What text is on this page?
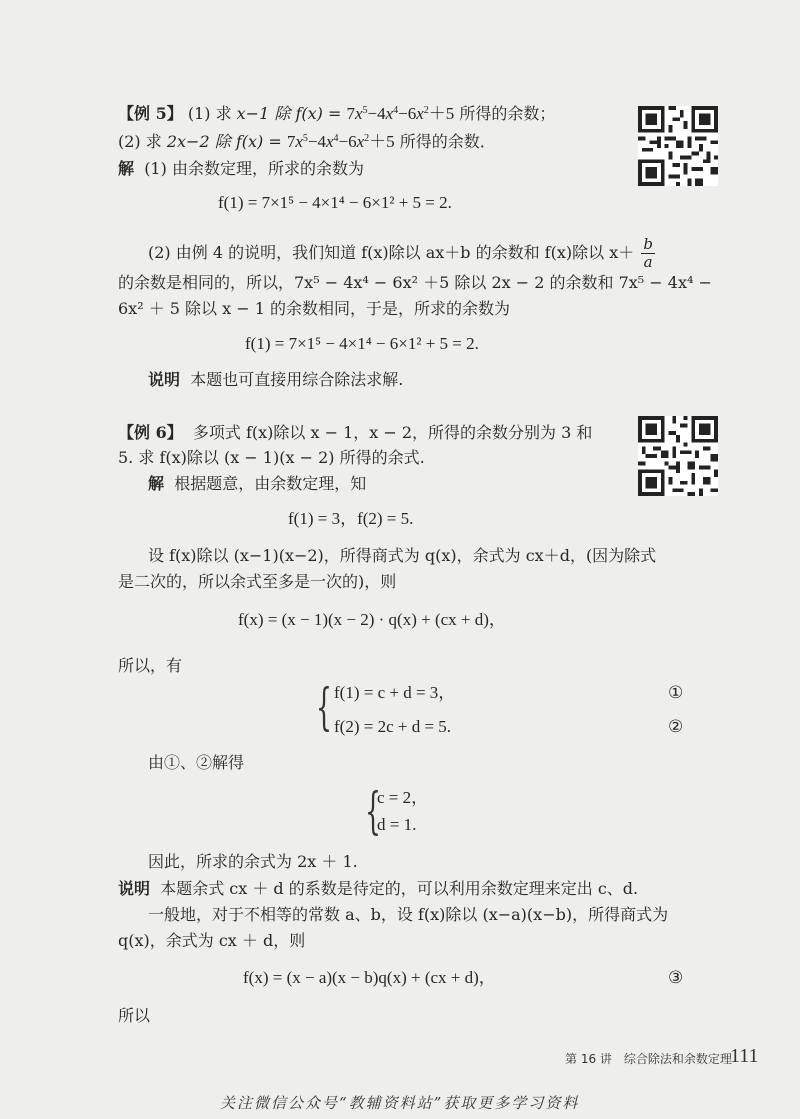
【例 5】 (1) 求 x−1 除 $f(x) = 7x^5-4x^4-6x^2+5$ 所得的余数；
(2) 求 2x−2 除 $f(x) = 7x^5-4x^4-6x^2+5$ 所得的余数．
解 (1) 由余数定理，所求的余数为
f(1) = 7×1⁵ − 4×1⁴ − 6×1² + 5 = 2.
(2) 由例 4 的说明，我们知道 f(x)除以 ax＋b 的余数和 f(x)除以 $x+ \frac{b}{a}$
的余数是相同的，所以，7x⁵ − 4x⁴ − 6x² ＋5 除以 2x − 2 的余数和 7x⁵ − 4x⁴ −
6x² ＋ 5 除以 x − 1 的余数相同，于是，所求的余数为
f(1) = 7×1⁵ − 4×1⁴ − 6×1² + 5 = 2.
说明 本题也可直接用综合除法求解.
【例 6】 多项式 f(x)除以 x − 1，x − 2，所得的余数分别为 3 和
5. 求 f(x)除以 (x − 1)(x − 2) 所得的余式.
解 根据题意，由余数定理，知
f(1) = 3，f(2) = 5.
设 f(x)除以 (x−1)(x−2)，所得商式为 q(x)，余式为 cx＋d，(因为除式
是二次的，所以余式至多是一次的)，则
f(x) = (x − 1)(x − 2) · q(x) + (cx + d)，
所以，有
{ f(1) = c + d = 3，
f(2) = 2c + d = 5.
①
②
由①、②解得
{
c = 2，
d = 1.
因此，所求的余式为 2x ＋ 1.
说明 本题余式 cx ＋ d 的系数是待定的，可以利用余数定理来定出 c、d.
一般地，对于不相等的常数 a、b，设 f(x)除以 (x−a)(x−b)，所得商式为
q(x)，余式为 cx ＋ d，则
f(x) = (x − a)(x − b)q(x) + (cx + d)，	③
所以
第 16 讲　综合除法和余数定理
111
关注微信公众号“教辅资料站”获取更多学习资料
